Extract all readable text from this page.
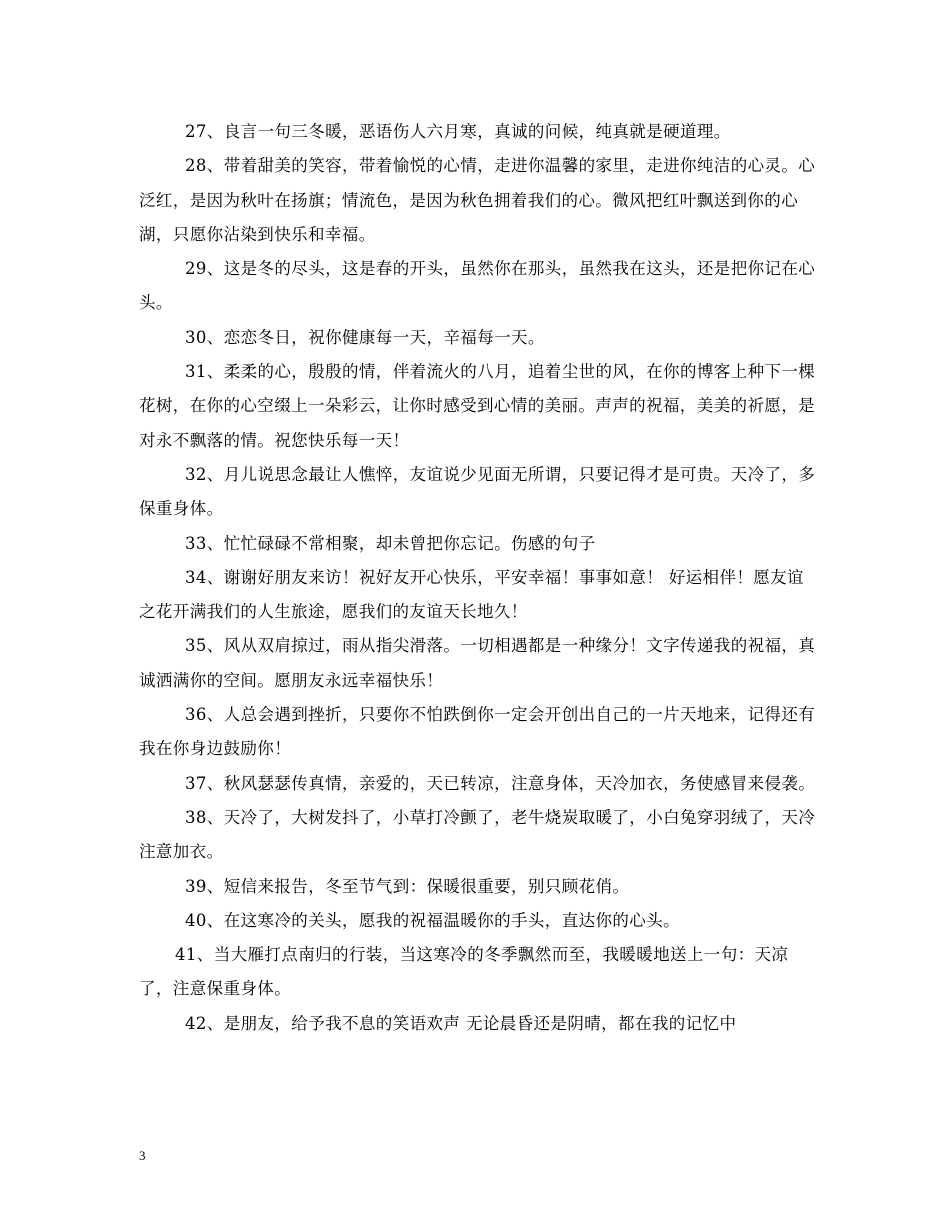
27、良言一句三冬暖，恶语伤人六月寒，真诚的问候，纯真就是硬道理。

28、带着甜美的笑容，带着愉悦的心情，走进你温馨的家里，走进你纯洁的心灵。心泛红，是因为秋叶在扬旗；情流色，是因为秋色拥着我们的心。微风把红叶飘送到你的心湖，只愿你沾染到快乐和幸福。

29、这是冬的尽头，这是春的开头，虽然你在那头，虽然我在这头，还是把你记在心头。

30、恋恋冬日，祝你健康每一天，辛福每一天。

31、柔柔的心，殷殷的情，伴着流火的八月，追着尘世的风，在你的博客上种下一棵花树，在你的心空缀上一朵彩云，让你时感受到心情的美丽。声声的祝福，美美的祈愿，是对永不飘落的情。祝您快乐每一天！

32、月儿说思念最让人憔悴，友谊说少见面无所谓，只要记得才是可贵。天冷了，多保重身体。

33、忙忙碌碌不常相聚，却未曾把你忘记。伤感的句子

34、谢谢好朋友来访！祝好友开心快乐，平安幸福！事事如意！ 好运相伴！愿友谊之花开满我们的人生旅途，愿我们的友谊天长地久！

35、风从双肩掠过，雨从指尖滑落。一切相遇都是一种缘分！文字传递我的祝福，真诚洒满你的空间。愿朋友永远幸福快乐！

36、人总会遇到挫折，只要你不怕跌倒你一定会开创出自己的一片天地来，记得还有我在你身边鼓励你！

37、秋风瑟瑟传真情，亲爱的，天已转凉，注意身体，天冷加衣，务使感冒来侵袭。

38、天冷了，大树发抖了，小草打冷颤了，老牛烧炭取暖了，小白兔穿羽绒了，天冷注意加衣。

39、短信来报告，冬至节气到：保暖很重要，别只顾花俏。

40、在这寒冷的关头，愿我的祝福温暖你的手头，直达你的心头。

41、当大雁打点南归的行装，当这寒冷的冬季飘然而至，我暖暖地送上一句：天凉了，注意保重身体。

42、是朋友，给予我不息的笑语欢声 无论晨昏还是阴晴，都在我的记忆中

3
